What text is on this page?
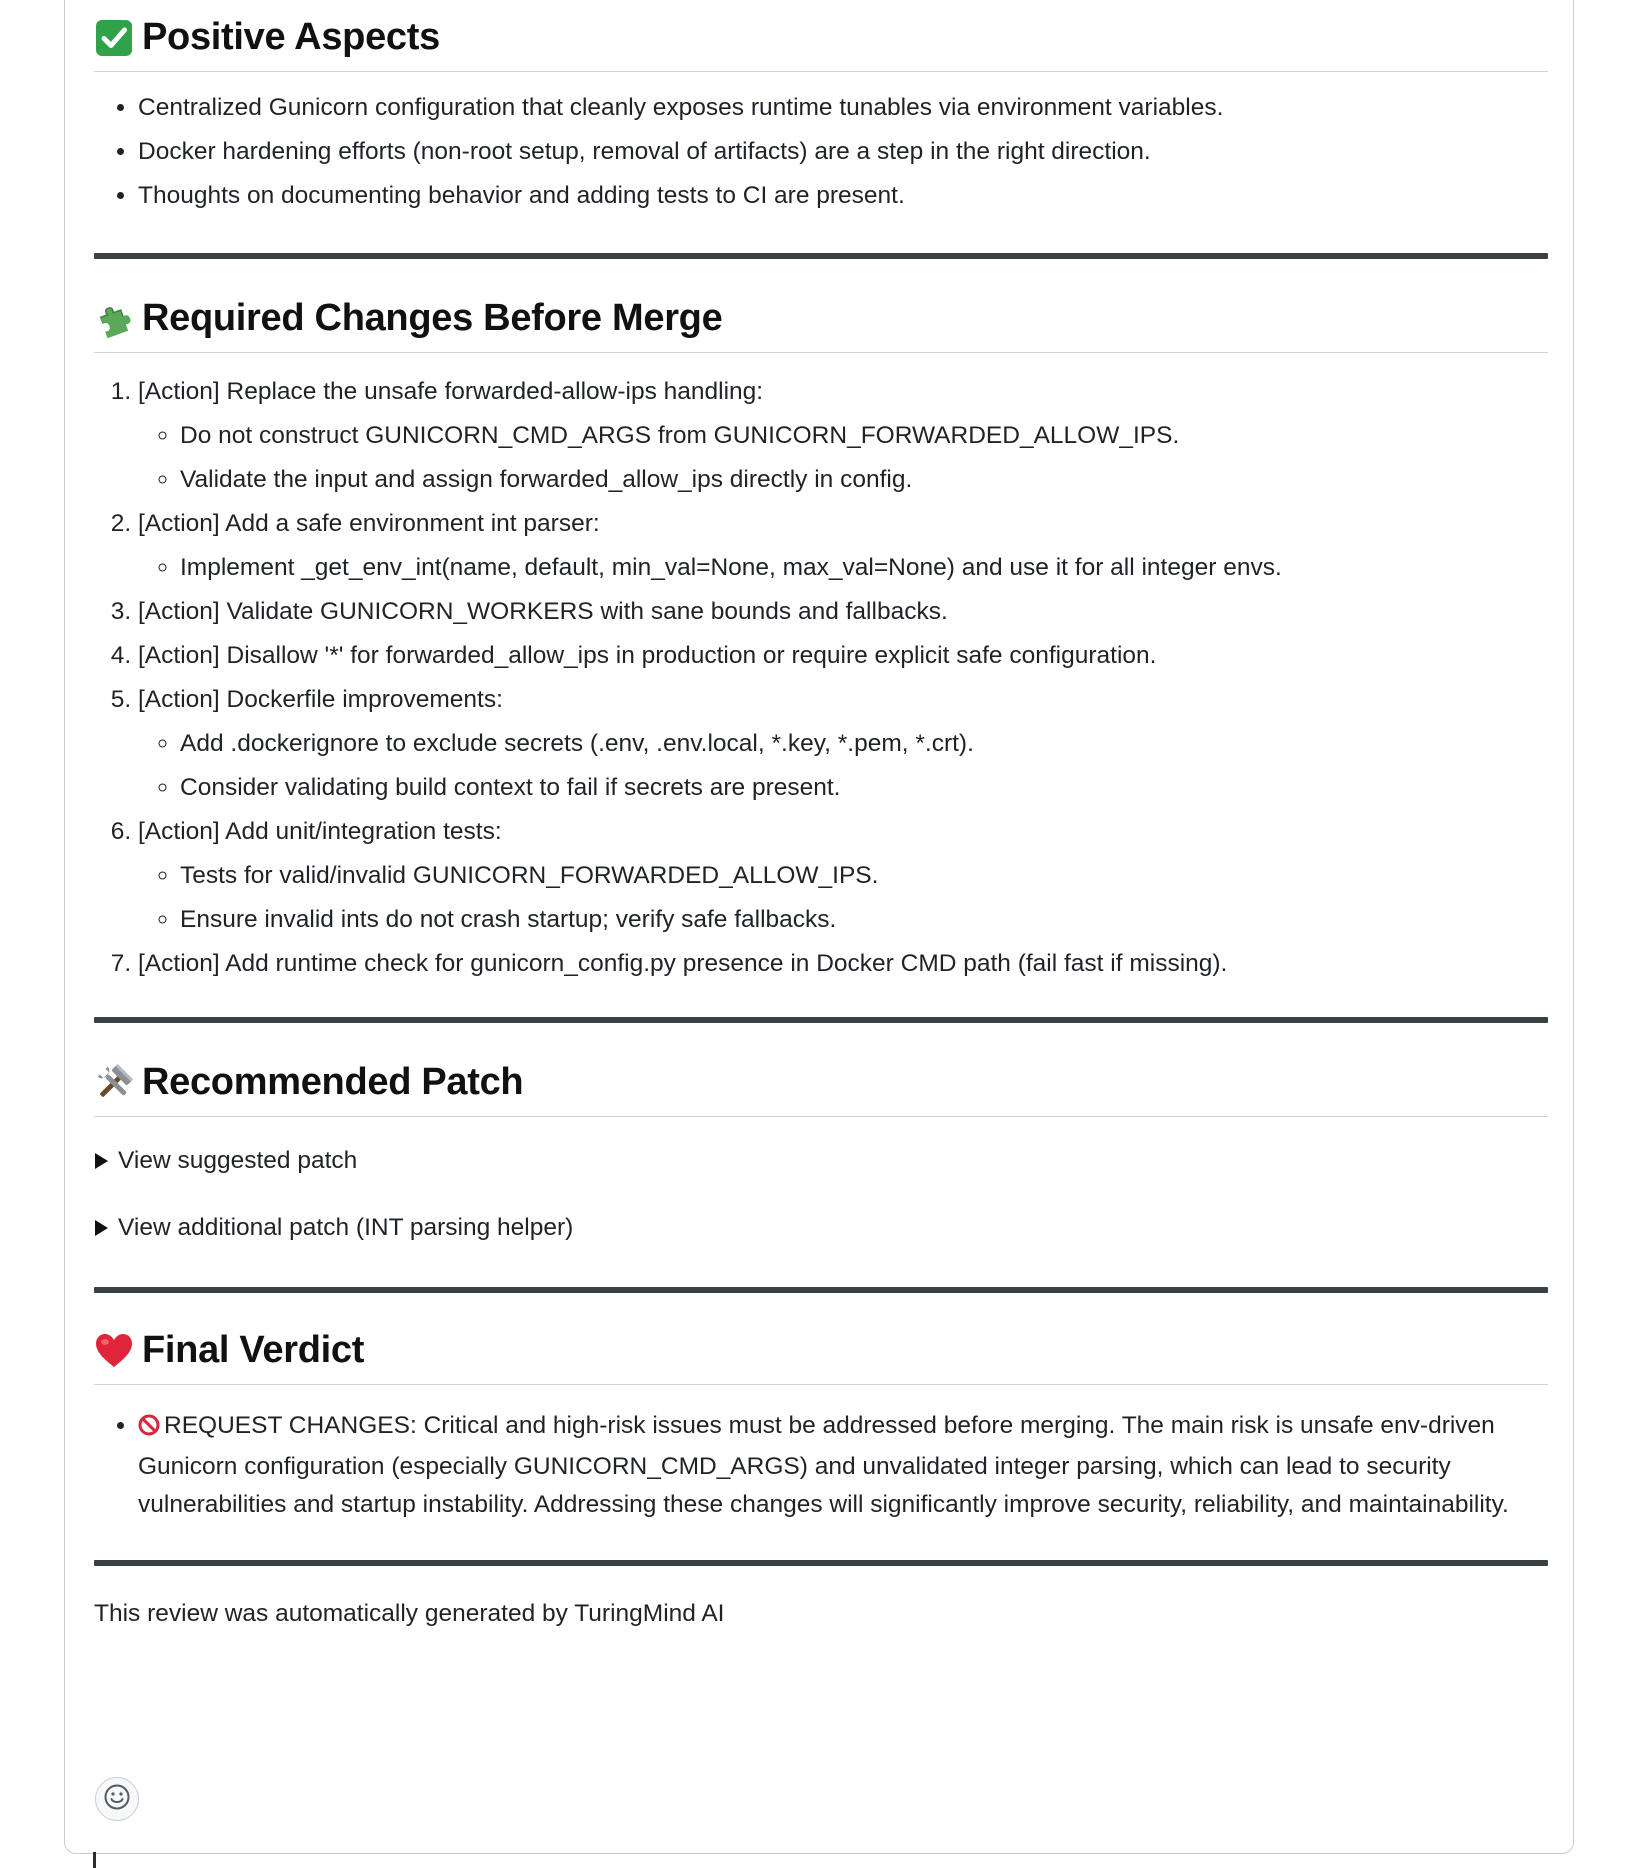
Positive Aspects
• Centralized Gunicorn configuration that cleanly exposes runtime tunables via environment variables.
• Docker hardening efforts (non-root setup, removal of artifacts) are a step in the right direction.
• Thoughts on documenting behavior and adding tests to CI are present.
Required Changes Before Merge
1. [Action] Replace the unsafe forwarded-allow-ips handling:
◦ Do not construct GUNICORN_CMD_ARGS from GUNICORN_FORWARDED_ALLOW_IPS.
◦ Validate the input and assign forwarded_allow_ips directly in config.
2. [Action] Add a safe environment int parser:
◦ Implement _get_env_int(name, default, min_val=None, max_val=None) and use it for all integer envs.
3. [Action] Validate GUNICORN_WORKERS with sane bounds and fallbacks.
4. [Action] Disallow '*' for forwarded_allow_ips in production or require explicit safe configuration.
5. [Action] Dockerfile improvements:
◦ Add .dockerignore to exclude secrets (.env, .env.local, *.key, *.pem, *.crt).
◦ Consider validating build context to fail if secrets are present.
6. [Action] Add unit/integration tests:
◦ Tests for valid/invalid GUNICORN_FORWARDED_ALLOW_IPS.
◦ Ensure invalid ints do not crash startup; verify safe fallbacks.
7. [Action] Add runtime check for gunicorn_config.py presence in Docker CMD path (fail fast if missing).
Recommended Patch
View suggested patch
View additional patch (INT parsing helper)
Final Verdict
• REQUEST CHANGES: Critical and high-risk issues must be addressed before merging. The main risk is unsafe env-driven Gunicorn configuration (especially GUNICORN_CMD_ARGS) and unvalidated integer parsing, which can lead to security vulnerabilities and startup instability. Addressing these changes will significantly improve security, reliability, and maintainability.
This review was automatically generated by TuringMind AI
